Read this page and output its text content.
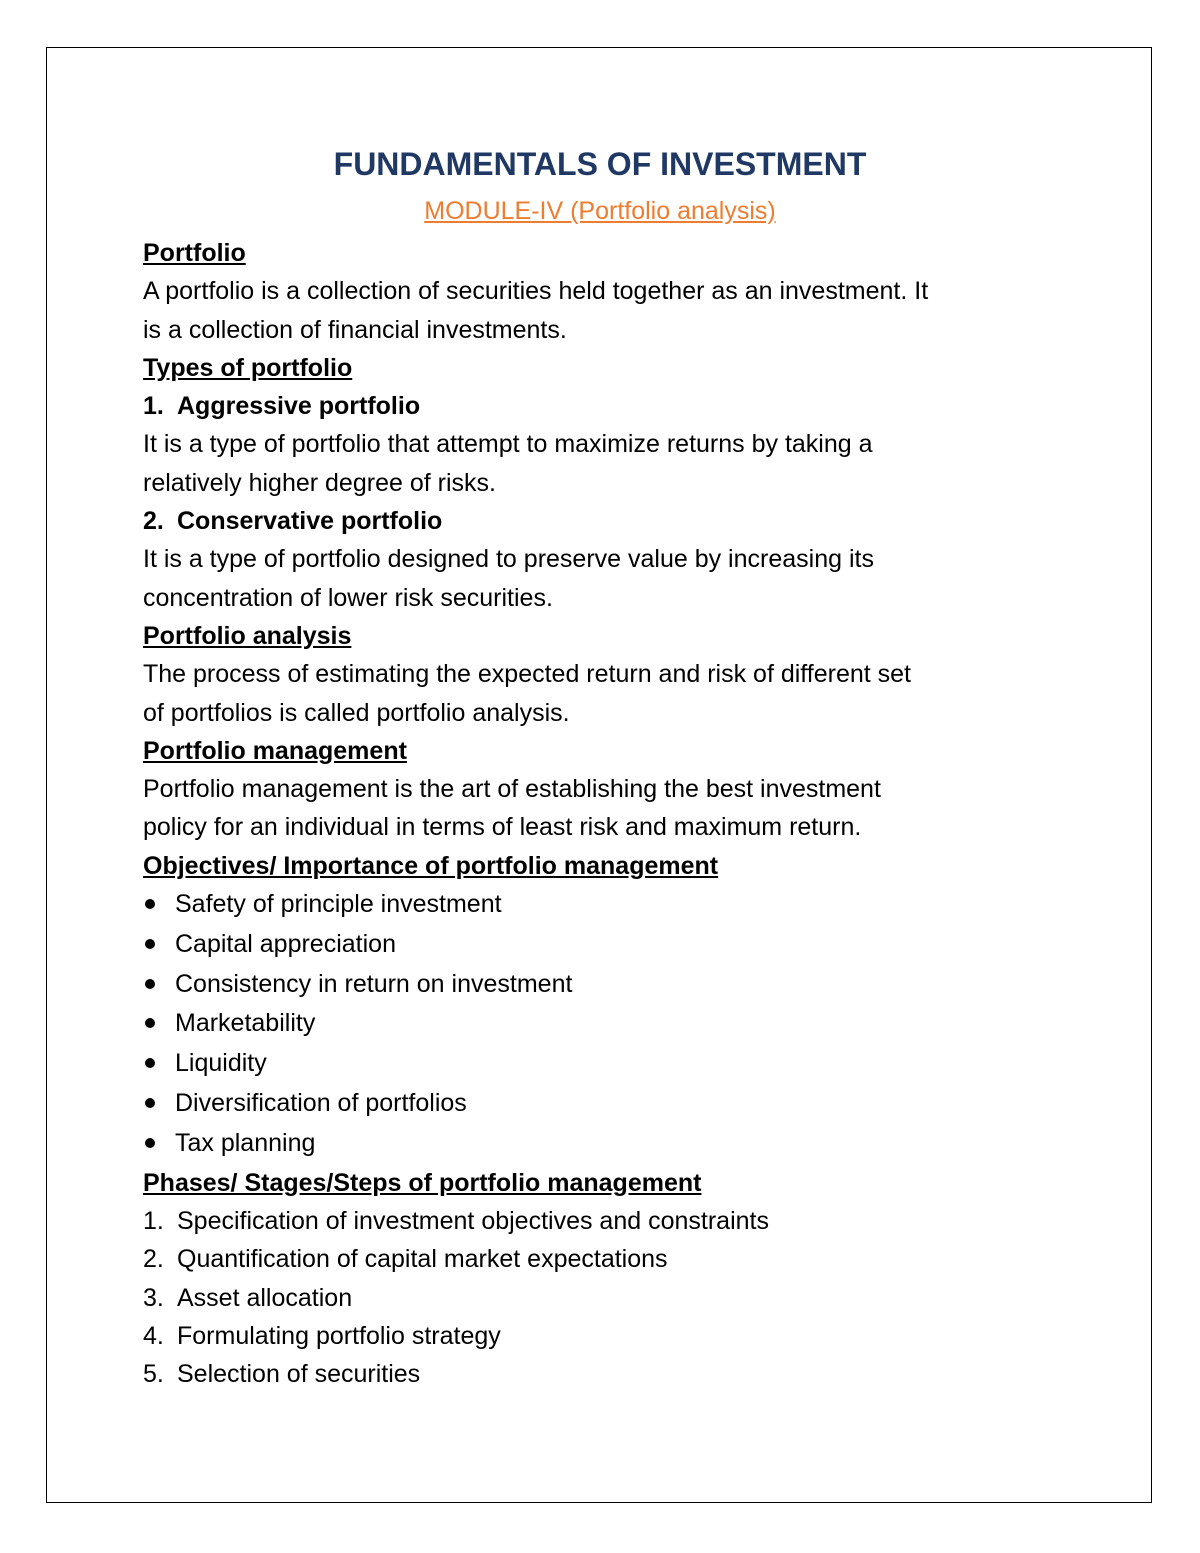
FUNDAMENTALS OF INVESTMENT
MODULE-IV (Portfolio analysis)
Portfolio
A portfolio is a collection of securities held together as an investment. It
is a collection of financial investments.
Types of portfolio
1. Aggressive portfolio
It is a type of portfolio that attempt to maximize returns by taking a
relatively higher degree of risks.
2. Conservative portfolio
It is a type of portfolio designed to preserve value by increasing its
concentration of lower risk securities.
Portfolio analysis
The process of estimating the expected return and risk of different set
of portfolios is called portfolio analysis.
Portfolio management
Portfolio management is the art of establishing the best investment
policy for an individual in terms of least risk and maximum return.
Objectives/ Importance of portfolio management
Safety of principle investment
Capital appreciation
Consistency in return on investment
Marketability
Liquidity
Diversification of portfolios
Tax planning
Phases/ Stages/Steps of portfolio management
1. Specification of investment objectives and constraints
2. Quantification of capital market expectations
3. Asset allocation
4. Formulating portfolio strategy
5. Selection of securities
